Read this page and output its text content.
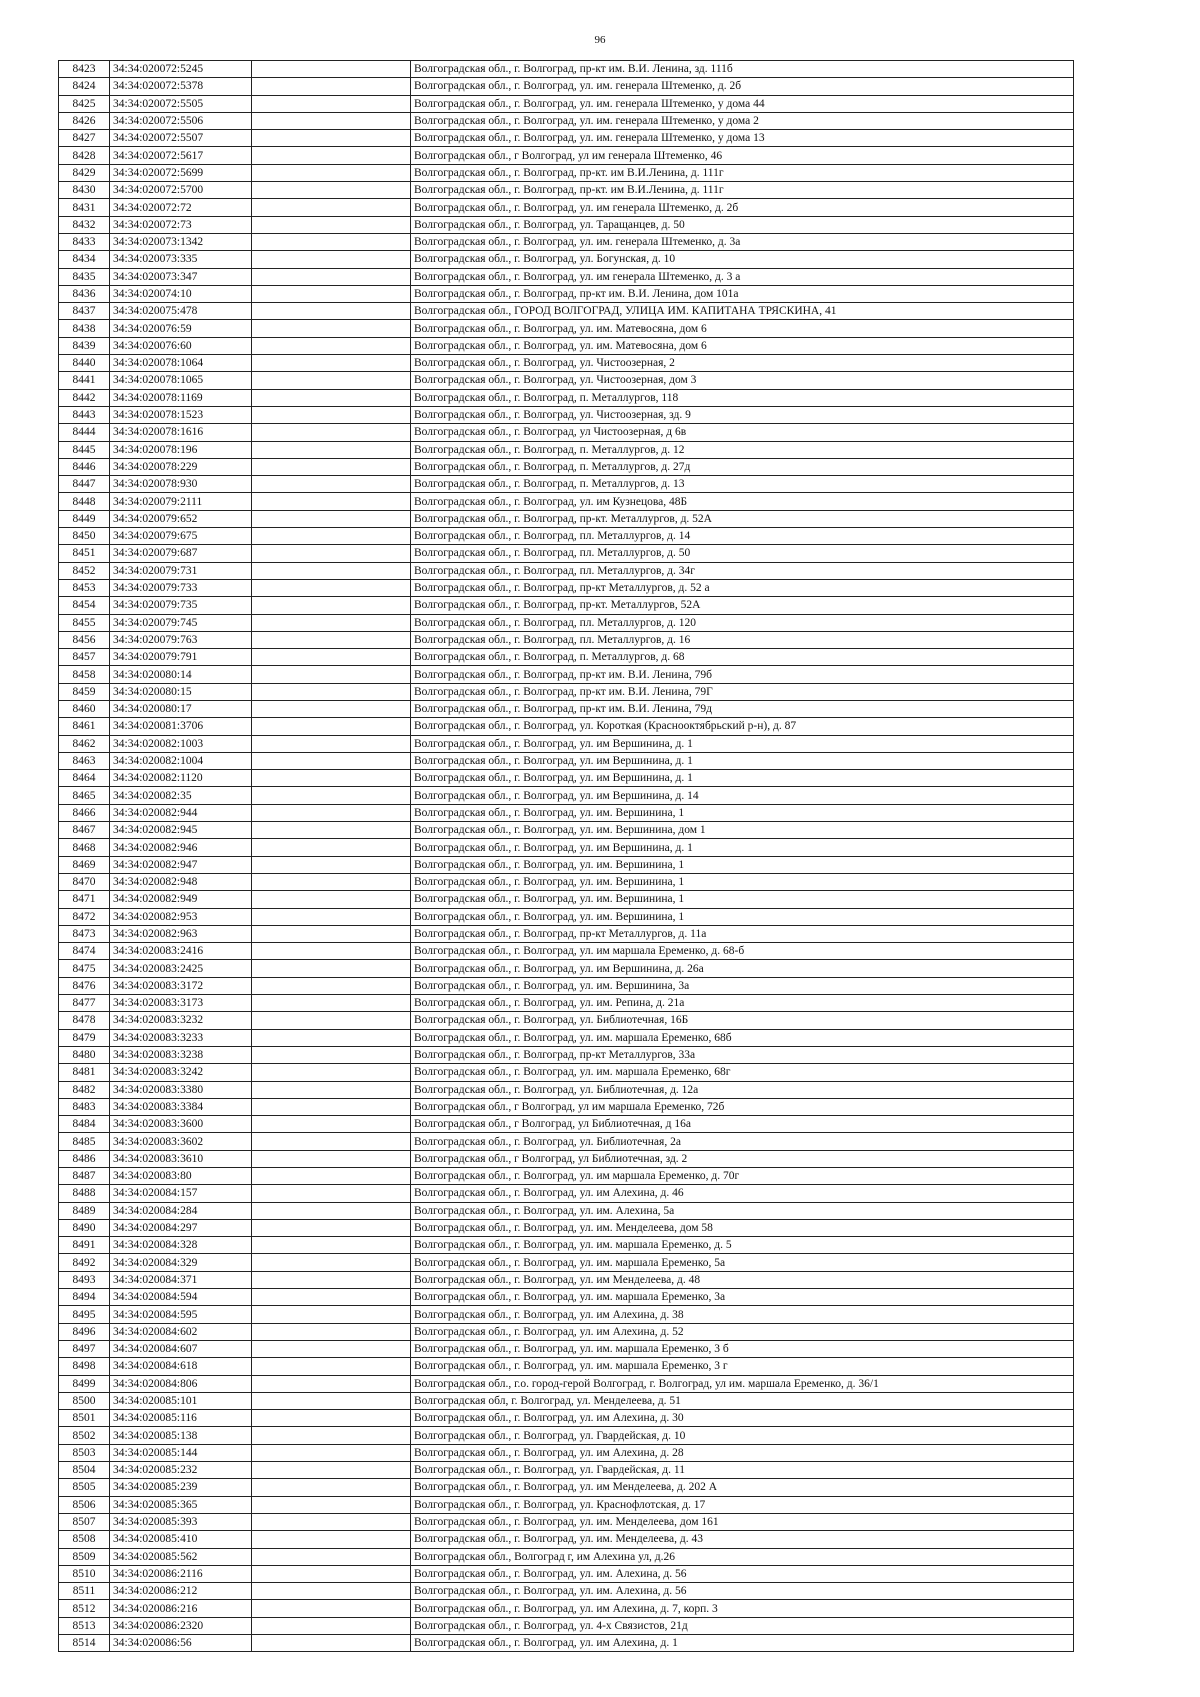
96
8423	34:34:020072:5245		Волгоградская обл., г. Волгоград, пр-кт им. В.И. Ленина, зд. 111б
8424	34:34:020072:5378		Волгоградская обл., г. Волгоград, ул. им. генерала Штеменко, д. 2б
8425	34:34:020072:5505		Волгоградская обл., г. Волгоград, ул. им. генерала Штеменко, у дома 44
8426	34:34:020072:5506		Волгоградская обл., г. Волгоград, ул. им. генерала Штеменко, у дома 2
8427	34:34:020072:5507		Волгоградская обл., г. Волгоград, ул. им. генерала Штеменко, у дома 13
8428	34:34:020072:5617		Волгоградская обл., г Волгоград, ул им генерала Штеменко, 46
8429	34:34:020072:5699		Волгоградская обл., г. Волгоград, пр-кт. им В.И.Ленина, д. 111г
8430	34:34:020072:5700		Волгоградская обл., г. Волгоград, пр-кт. им В.И.Ленина, д. 111г
8431	34:34:020072:72		Волгоградская обл., г. Волгоград, ул. им генерала Штеменко, д. 2б
8432	34:34:020072:73		Волгоградская обл., г. Волгоград, ул. Таращанцев, д. 50
8433	34:34:020073:1342		Волгоградская обл., г. Волгоград, ул. им. генерала Штеменко, д. 3а
8434	34:34:020073:335		Волгоградская обл., г. Волгоград, ул. Богунская, д. 10
8435	34:34:020073:347		Волгоградская обл., г. Волгоград, ул. им генерала Штеменко, д. 3 а
8436	34:34:020074:10		Волгоградская обл., г. Волгоград, пр-кт им. В.И. Ленина, дом 101а
8437	34:34:020075:478		Волгоградская обл., ГОРОД ВОЛГОГРАД, УЛИЦА ИМ. КАПИТАНА ТРЯСКИНА, 41
8438	34:34:020076:59		Волгоградская обл., г. Волгоград, ул. им. Матевосяна, дом 6
8439	34:34:020076:60		Волгоградская обл., г. Волгоград, ул. им. Матевосяна, дом 6
8440	34:34:020078:1064		Волгоградская обл., г. Волгоград, ул. Чистоозерная, 2
8441	34:34:020078:1065		Волгоградская обл., г. Волгоград, ул. Чистоозерная, дом 3
8442	34:34:020078:1169		Волгоградская обл., г. Волгоград, п. Металлургов, 118
8443	34:34:020078:1523		Волгоградская обл., г. Волгоград, ул. Чистоозерная, зд. 9
8444	34:34:020078:1616		Волгоградская обл., г. Волгоград, ул Чистоозерная, д 6в
8445	34:34:020078:196		Волгоградская обл., г. Волгоград, п. Металлургов, д. 12
8446	34:34:020078:229		Волгоградская обл., г. Волгоград, п. Металлургов, д. 27д
8447	34:34:020078:930		Волгоградская обл., г. Волгоград, п. Металлургов, д. 13
8448	34:34:020079:2111		Волгоградская обл., г. Волгоград, ул. им Кузнецова, 48Б
8449	34:34:020079:652		Волгоградская обл., г. Волгоград, пр-кт. Металлургов, д. 52А
8450	34:34:020079:675		Волгоградская обл., г. Волгоград, пл. Металлургов, д. 14
8451	34:34:020079:687		Волгоградская обл., г. Волгоград, пл. Металлургов, д. 50
8452	34:34:020079:731		Волгоградская обл., г. Волгоград, пл. Металлургов, д. 34г
8453	34:34:020079:733		Волгоградская обл., г. Волгоград, пр-кт Металлургов, д. 52 а
8454	34:34:020079:735		Волгоградская обл., г. Волгоград, пр-кт. Металлургов, 52А
8455	34:34:020079:745		Волгоградская обл., г. Волгоград, пл. Металлургов, д. 120
8456	34:34:020079:763		Волгоградская обл., г. Волгоград, пл. Металлургов, д. 16
8457	34:34:020079:791		Волгоградская обл., г. Волгоград, п. Металлургов, д. 68
8458	34:34:020080:14		Волгоградская обл., г. Волгоград, пр-кт им. В.И. Ленина, 79б
8459	34:34:020080:15		Волгоградская обл., г. Волгоград, пр-кт им. В.И. Ленина, 79Г
8460	34:34:020080:17		Волгоградская обл., г. Волгоград, пр-кт им. В.И. Ленина, 79д
8461	34:34:020081:3706		Волгоградская обл., г. Волгоград, ул. Короткая (Краснооктябрьский р-н), д. 87
8462	34:34:020082:1003		Волгоградская обл., г. Волгоград, ул. им Вершинина, д. 1
8463	34:34:020082:1004		Волгоградская обл., г. Волгоград, ул. им Вершинина, д. 1
8464	34:34:020082:1120		Волгоградская обл., г. Волгоград, ул. им Вершинина, д. 1
8465	34:34:020082:35		Волгоградская обл., г. Волгоград, ул. им Вершинина, д. 14
8466	34:34:020082:944		Волгоградская обл., г. Волгоград, ул. им. Вершинина, 1
8467	34:34:020082:945		Волгоградская обл., г. Волгоград, ул. им. Вершинина, дом 1
8468	34:34:020082:946		Волгоградская обл., г. Волгоград, ул. им Вершинина, д. 1
8469	34:34:020082:947		Волгоградская обл., г. Волгоград, ул. им. Вершинина, 1
8470	34:34:020082:948		Волгоградская обл., г. Волгоград, ул. им. Вершинина, 1
8471	34:34:020082:949		Волгоградская обл., г. Волгоград, ул. им. Вершинина, 1
8472	34:34:020082:953		Волгоградская обл., г. Волгоград, ул. им. Вершинина, 1
8473	34:34:020082:963		Волгоградская обл., г. Волгоград, пр-кт Металлургов, д. 11а
8474	34:34:020083:2416		Волгоградская обл., г. Волгоград, ул. им маршала Еременко, д. 68-б
8475	34:34:020083:2425		Волгоградская обл., г. Волгоград, ул. им Вершинина, д. 26а
8476	34:34:020083:3172		Волгоградская обл., г. Волгоград, ул. им. Вершинина, 3а
8477	34:34:020083:3173		Волгоградская обл., г. Волгоград, ул. им. Репина, д. 21а
8478	34:34:020083:3232		Волгоградская обл., г. Волгоград, ул. Библиотечная, 16Б
8479	34:34:020083:3233		Волгоградская обл., г. Волгоград, ул. им. маршала Еременко, 68б
8480	34:34:020083:3238		Волгоградская обл., г. Волгоград, пр-кт Металлургов, 33а
8481	34:34:020083:3242		Волгоградская обл., г. Волгоград, ул. им. маршала Еременко, 68г
8482	34:34:020083:3380		Волгоградская обл., г. Волгоград, ул. Библиотечная, д. 12а
8483	34:34:020083:3384		Волгоградская обл., г Волгоград, ул им маршала Еременко, 72б
8484	34:34:020083:3600		Волгоградская обл., г Волгоград, ул Библиотечная, д 16а
8485	34:34:020083:3602		Волгоградская обл., г. Волгоград, ул. Библиотечная, 2а
8486	34:34:020083:3610		Волгоградская обл., г Волгоград, ул Библиотечная, зд. 2
8487	34:34:020083:80		Волгоградская обл., г. Волгоград, ул. им маршала Еременко, д. 70г
8488	34:34:020084:157		Волгоградская обл., г. Волгоград, ул. им Алехина, д. 46
8489	34:34:020084:284		Волгоградская обл., г. Волгоград, ул. им. Алехина, 5а
8490	34:34:020084:297		Волгоградская обл., г. Волгоград, ул. им. Менделеева, дом 58
8491	34:34:020084:328		Волгоградская обл., г. Волгоград, ул. им. маршала Еременко, д. 5
8492	34:34:020084:329		Волгоградская обл., г. Волгоград, ул. им. маршала Еременко, 5а
8493	34:34:020084:371		Волгоградская обл., г. Волгоград, ул. им Менделеева, д. 48
8494	34:34:020084:594		Волгоградская обл., г. Волгоград, ул. им. маршала Еременко, 3а
8495	34:34:020084:595		Волгоградская обл., г. Волгоград, ул. им Алехина, д. 38
8496	34:34:020084:602		Волгоградская обл., г. Волгоград, ул. им Алехина, д. 52
8497	34:34:020084:607		Волгоградская обл., г. Волгоград, ул. им. маршала Еременко, 3 б
8498	34:34:020084:618		Волгоградская обл., г. Волгоград, ул. им. маршала Еременко, 3 г
8499	34:34:020084:806		Волгоградская обл., г.о. город-герой Волгоград, г. Волгоград, ул им. маршала Еременко, д. 36/1
8500	34:34:020085:101		Волгоградская обл, г. Волгоград, ул. Менделеева, д. 51
8501	34:34:020085:116		Волгоградская обл., г. Волгоград, ул. им Алехина, д. 30
8502	34:34:020085:138		Волгоградская обл., г. Волгоград, ул. Гвардейская, д. 10
8503	34:34:020085:144		Волгоградская обл., г. Волгоград, ул. им Алехина, д. 28
8504	34:34:020085:232		Волгоградская обл., г. Волгоград, ул. Гвардейская, д. 11
8505	34:34:020085:239		Волгоградская обл., г. Волгоград, ул. им Менделеева, д. 202 А
8506	34:34:020085:365		Волгоградская обл., г. Волгоград, ул. Краснофлотская, д. 17
8507	34:34:020085:393		Волгоградская обл., г. Волгоград, ул. им. Менделеева, дом 161
8508	34:34:020085:410		Волгоградская обл., г. Волгоград, ул. им. Менделеева, д. 43
8509	34:34:020085:562		Волгоградская обл., Волгоград г, им Алехина ул, д.26
8510	34:34:020086:2116		Волгоградская обл., г. Волгоград, ул. им. Алехина, д. 56
8511	34:34:020086:212		Волгоградская обл., г. Волгоград, ул. им. Алехина, д. 56
8512	34:34:020086:216		Волгоградская обл., г. Волгоград, ул. им Алехина, д. 7, корп. 3
8513	34:34:020086:2320		Волгоградская обл., г. Волгоград, ул. 4-х Связистов, 21д
8514	34:34:020086:56		Волгоградская обл., г. Волгоград, ул. им Алехина, д. 1
